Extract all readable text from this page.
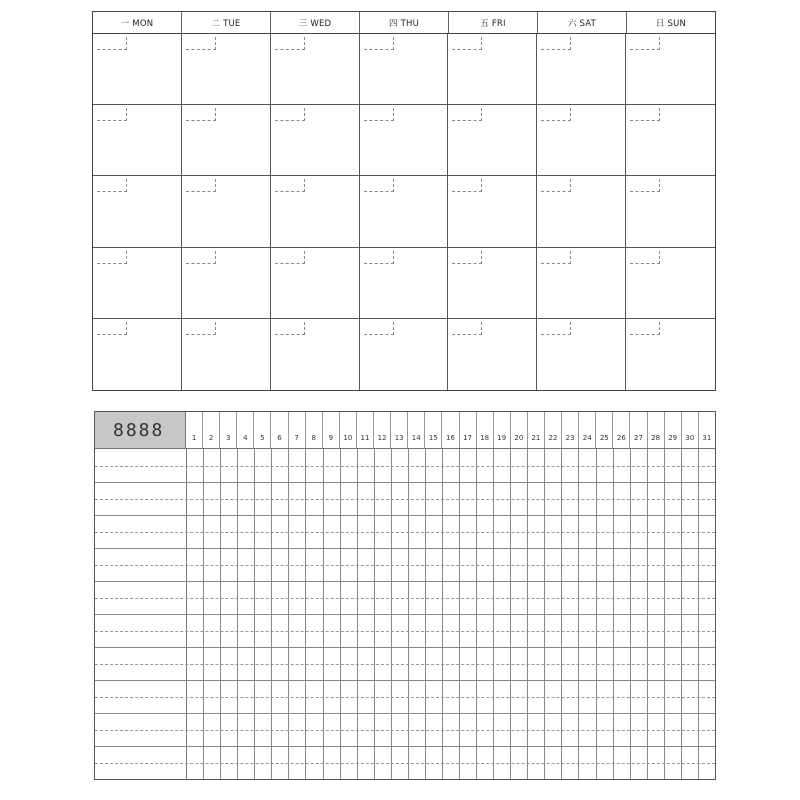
一 MON	二 TUE	三 WED	四 THU	五 FRI	六 SAT	日 SUN
8888	1	2	3	4	5	6	7	8	9	10	11	12	13	14	15	16	17	18	19	20	21	22	23	24	25	26	27	28	29	30	31
